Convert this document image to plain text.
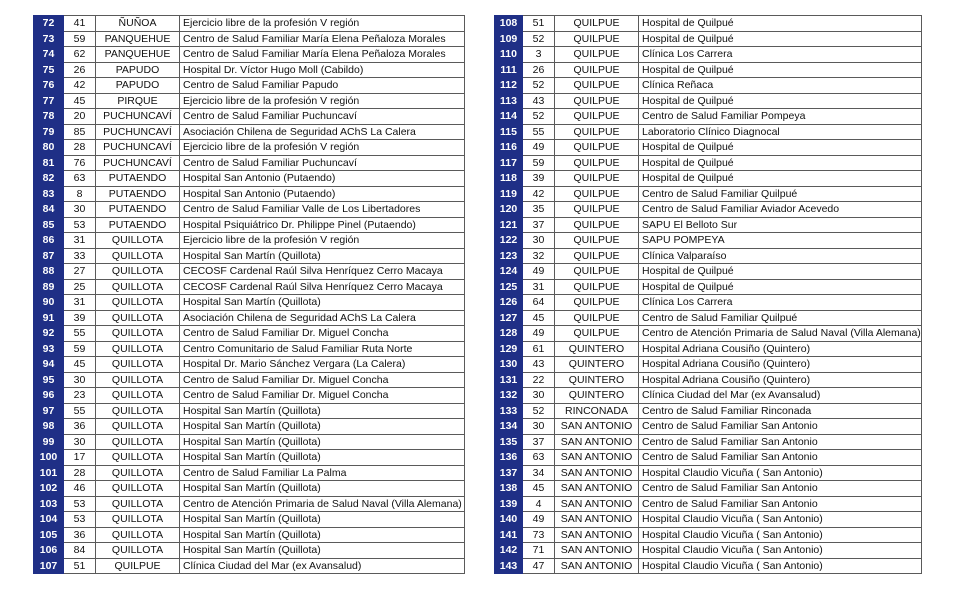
72	41	ÑUÑOA	Ejercicio libre de la profesión V región
73	59	PANQUEHUE	Centro de Salud Familiar María Elena Peñaloza Morales
74	62	PANQUEHUE	Centro de Salud Familiar María Elena Peñaloza Morales
75	26	PAPUDO	Hospital Dr. Víctor Hugo Moll (Cabildo)
76	42	PAPUDO	Centro de Salud Familiar Papudo
77	45	PIRQUE	Ejercicio libre de la profesión V región
78	20	PUCHUNCAVÍ	Centro de Salud Familiar Puchuncaví
79	85	PUCHUNCAVÍ	Asociación Chilena de Seguridad AChS La Calera
80	28	PUCHUNCAVÍ	Ejercicio libre de la profesión V región
81	76	PUCHUNCAVÍ	Centro de Salud Familiar Puchuncaví
82	63	PUTAENDO	Hospital San Antonio (Putaendo)
83	8	PUTAENDO	Hospital San Antonio (Putaendo)
84	30	PUTAENDO	Centro de Salud Familiar Valle de Los Libertadores
85	53	PUTAENDO	Hospital Psiquiátrico Dr. Philippe Pinel (Putaendo)
86	31	QUILLOTA	Ejercicio libre de la profesión V región
87	33	QUILLOTA	Hospital San Martín (Quillota)
88	27	QUILLOTA	CECOSF Cardenal Raúl Silva Henríquez Cerro Macaya
89	25	QUILLOTA	CECOSF Cardenal Raúl Silva Henríquez Cerro Macaya
90	31	QUILLOTA	Hospital San Martín (Quillota)
91	39	QUILLOTA	Asociación Chilena de Seguridad AChS La Calera
92	55	QUILLOTA	Centro de Salud Familiar Dr. Miguel Concha
93	59	QUILLOTA	Centro Comunitario de Salud Familiar Ruta Norte
94	45	QUILLOTA	Hospital Dr. Mario Sánchez Vergara (La Calera)
95	30	QUILLOTA	Centro de Salud Familiar Dr. Miguel Concha
96	23	QUILLOTA	Centro de Salud Familiar Dr. Miguel Concha
97	55	QUILLOTA	Hospital San Martín (Quillota)
98	36	QUILLOTA	Hospital San Martín (Quillota)
99	30	QUILLOTA	Hospital San Martín (Quillota)
100	17	QUILLOTA	Hospital San Martín (Quillota)
101	28	QUILLOTA	Centro de Salud Familiar La Palma
102	46	QUILLOTA	Hospital San Martín (Quillota)
103	53	QUILLOTA	Centro de Atención Primaria de Salud Naval (Villa Alemana)
104	53	QUILLOTA	Hospital San Martín (Quillota)
105	36	QUILLOTA	Hospital San Martín (Quillota)
106	84	QUILLOTA	Hospital San Martín (Quillota)
107	51	QUILPUE	Clínica Ciudad del Mar (ex Avansalud)
108	51	QUILPUE	Hospital de Quilpué
109	52	QUILPUE	Hospital de Quilpué
110	3	QUILPUE	Clínica Los Carrera
111	26	QUILPUE	Hospital de Quilpué
112	52	QUILPUE	Clínica Reñaca
113	43	QUILPUE	Hospital de Quilpué
114	52	QUILPUE	Centro de Salud Familiar Pompeya
115	55	QUILPUE	Laboratorio Clínico Diagnocal
116	49	QUILPUE	Hospital de Quilpué
117	59	QUILPUE	Hospital de Quilpué
118	39	QUILPUE	Hospital de Quilpué
119	42	QUILPUE	Centro de Salud Familiar Quilpué
120	35	QUILPUE	Centro de Salud Familiar Aviador Acevedo
121	37	QUILPUE	SAPU El Belloto Sur
122	30	QUILPUE	SAPU POMPEYA
123	32	QUILPUE	Clínica Valparaíso
124	49	QUILPUE	Hospital de Quilpué
125	31	QUILPUE	Hospital de Quilpué
126	64	QUILPUE	Clínica Los Carrera
127	45	QUILPUE	Centro de Salud Familiar Quilpué
128	49	QUILPUE	Centro de Atención Primaria de Salud Naval (Villa Alemana)
129	61	QUINTERO	Hospital Adriana Cousiño (Quintero)
130	43	QUINTERO	Hospital Adriana Cousiño (Quintero)
131	22	QUINTERO	Hospital Adriana Cousiño (Quintero)
132	30	QUINTERO	Clínica Ciudad del Mar (ex Avansalud)
133	52	RINCONADA	Centro de Salud Familiar Rinconada
134	30	SAN ANTONIO	Centro de Salud Familiar San Antonio
135	37	SAN ANTONIO	Centro de Salud Familiar San Antonio
136	63	SAN ANTONIO	Centro de Salud Familiar San Antonio
137	34	SAN ANTONIO	Hospital Claudio Vicuña ( San Antonio)
138	45	SAN ANTONIO	Centro de Salud Familiar San Antonio
139	4	SAN ANTONIO	Centro de Salud Familiar San Antonio
140	49	SAN ANTONIO	Hospital Claudio Vicuña ( San Antonio)
141	73	SAN ANTONIO	Hospital Claudio Vicuña ( San Antonio)
142	71	SAN ANTONIO	Hospital Claudio Vicuña ( San Antonio)
143	47	SAN ANTONIO	Hospital Claudio Vicuña ( San Antonio)
